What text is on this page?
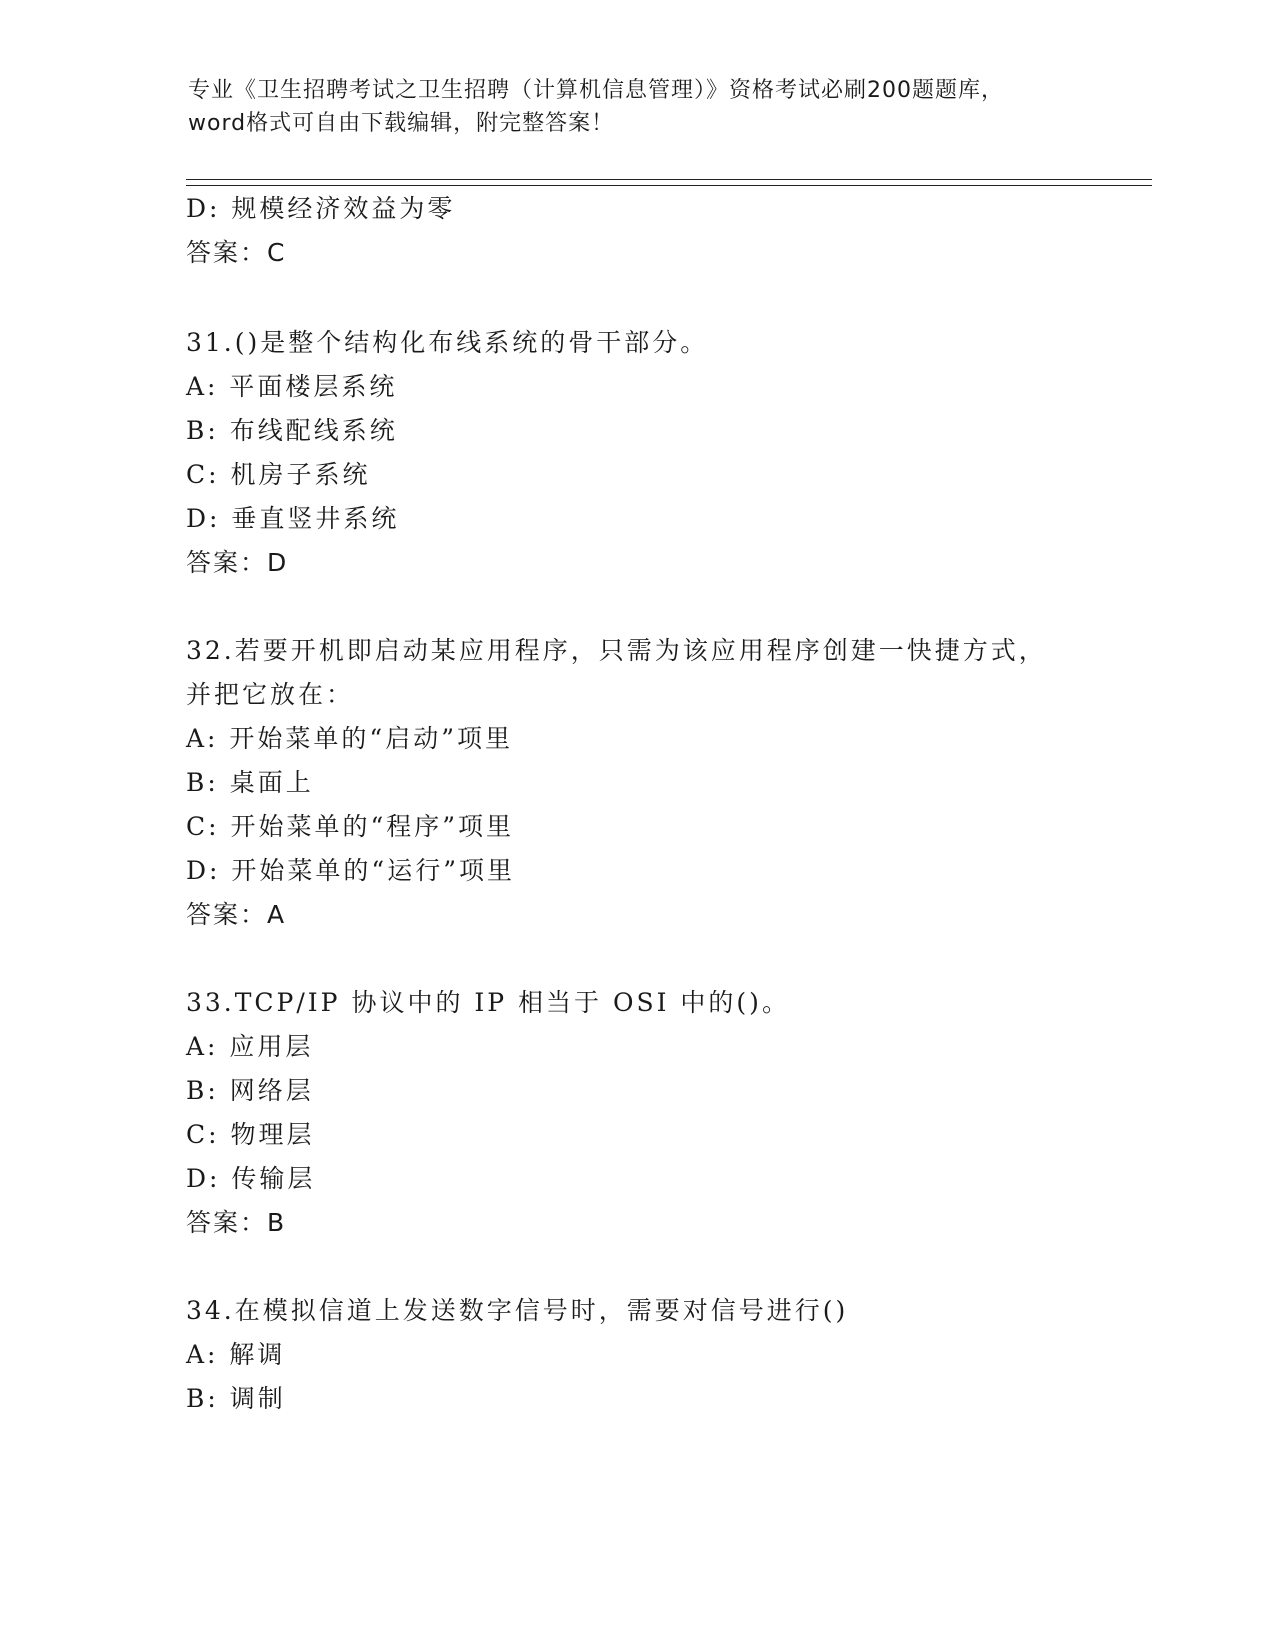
专业《卫生招聘考试之卫生招聘（计算机信息管理）》资格考试必刷200题题库，
word格式可自由下载编辑，附完整答案！
D: 规模经济效益为零
答案：C
31.()是整个结构化布线系统的骨干部分。
A: 平面楼层系统
B: 布线配线系统
C: 机房子系统
D: 垂直竖井系统
答案：D
32.若要开机即启动某应用程序，只需为该应用程序创建一快捷方式，
并把它放在：
A: 开始菜单的“启动”项里
B: 桌面上
C: 开始菜单的“程序”项里
D: 开始菜单的“运行”项里
答案：A
33.TCP/IP 协议中的 IP 相当于 OSI 中的()。
A: 应用层
B: 网络层
C: 物理层
D: 传输层
答案：B
34.在模拟信道上发送数字信号时，需要对信号进行()
A: 解调
B: 调制
